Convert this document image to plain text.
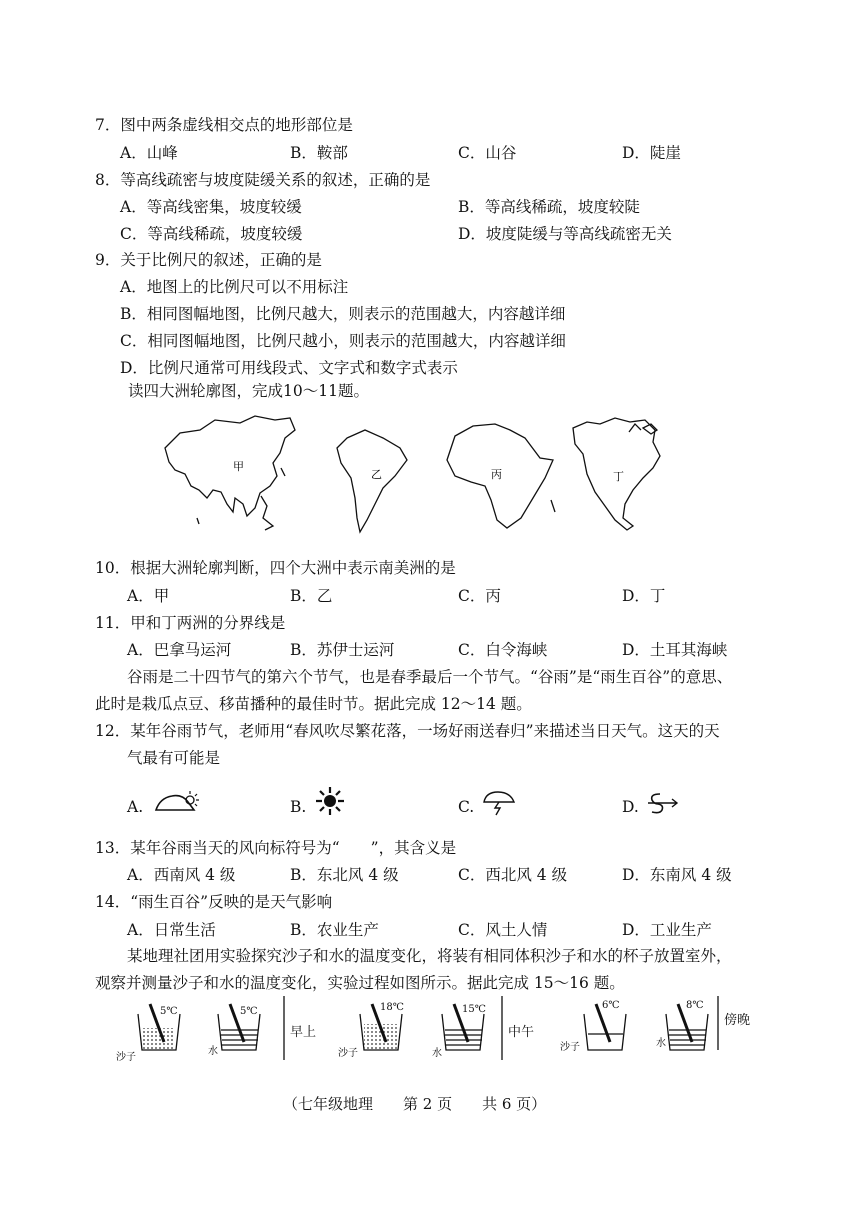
7．图中两条虚线相交点的地形部位是
A．山峰	B．鞍部	C．山谷	D．陡崖
8．等高线疏密与坡度陡缓关系的叙述，正确的是
A．等高线密集，坡度较缓	B．等高线稀疏，坡度较陡
C．等高线稀疏，坡度较缓	D．坡度陡缓与等高线疏密无关
9．关于比例尺的叙述，正确的是
A．地图上的比例尺可以不用标注
B．相同图幅地图，比例尺越大，则表示的范围越大，内容越详细
C．相同图幅地图，比例尺越小，则表示的范围越大，内容越详细
D．比例尺通常可用线段式、文字式和数字式表示
读四大洲轮廓图，完成10～11题。
甲
乙	丙	丁
10．根据大洲轮廓判断，四个大洲中表示南美洲的是
A．甲	B．乙	C．丙	D．丁
11．甲和丁两洲的分界线是
A．巴拿马运河	B．苏伊士运河	C．白令海峡	D．土耳其海峡
谷雨是二十四节气的第六个节气，也是春季最后一个节气。“谷雨”是“雨生百谷”的意思、
此时是栽瓜点豆、移苗播种的最佳时节。据此完成 12～14 题。
12．某年谷雨节气，老师用“春风吹尽繁花落，一场好雨送春归”来描述当日天气。这天的天
气最有可能是
A.	B.	C.	D.
13．某年谷雨当天的风向标符号为“　　”，其含义是
A．西南风 4 级	B．东北风 4 级	C．西北风 4 级	D．东南风 4 级
14．“雨生百谷”反映的是天气影响
A．日常生活	B．农业生产	C．风土人情	D．工业生产
某地理社团用实验探究沙子和水的温度变化，将装有相同体积沙子和水的杯子放置室外，
观察并测量沙子和水的温度变化，实验过程如图所示。据此完成 15～16 题。
5℃	5℃	18℃	15℃	6℃	8℃
沙子
水	沙子	水
沙子	水
早上	中午
傍晚
（七年级地理　　第 2 页　　共 6 页）
